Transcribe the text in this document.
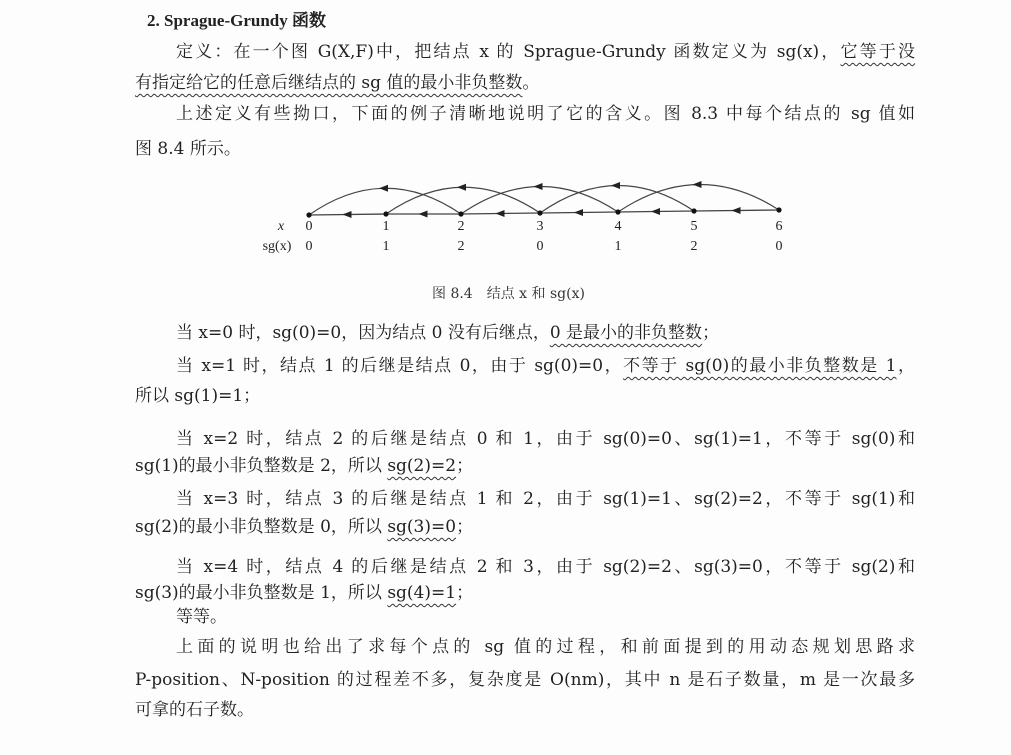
2. Sprague-Grundy 函数
定义：在一个图 G(X,F)中，把结点 x 的 Sprague-Grundy 函数定义为 sg(x)，它等于没
有指定给它的任意后继结点的 sg 值的最小非负整数。
上述定义有些拗口，下面的例子清晰地说明了它的含义。图 8.3 中每个结点的 sg 值如
图 8.4 所示。
x
sg(x)
0
0
1
1
2
2
3
0
4
1
5
2
6
0
图 8.4　结点 x 和 sg(x)
当 x=0 时，sg(0)=0，因为结点 0 没有后继点，0 是最小的非负整数；
当 x=1 时，结点 1 的后继是结点 0，由于 sg(0)=0，不等于 sg(0)的最小非负整数是 1，
所以 sg(1)=1；
当 x=2 时，结点 2 的后继是结点 0 和 1，由于 sg(0)=0、sg(1)=1，不等于 sg(0)和
sg(1)的最小非负整数是 2，所以 sg(2)=2；
当 x=3 时，结点 3 的后继是结点 1 和 2，由于 sg(1)=1、sg(2)=2，不等于 sg(1)和
sg(2)的最小非负整数是 0，所以 sg(3)=0；
当 x=4 时，结点 4 的后继是结点 2 和 3，由于 sg(2)=2、sg(3)=0，不等于 sg(2)和
sg(3)的最小非负整数是 1，所以 sg(4)=1；
等等。
上面的说明也给出了求每个点的 sg 值的过程，和前面提到的用动态规划思路求
P-position、N-position 的过程差不多，复杂度是 O(nm)，其中 n 是石子数量，m 是一次最多
可拿的石子数。
